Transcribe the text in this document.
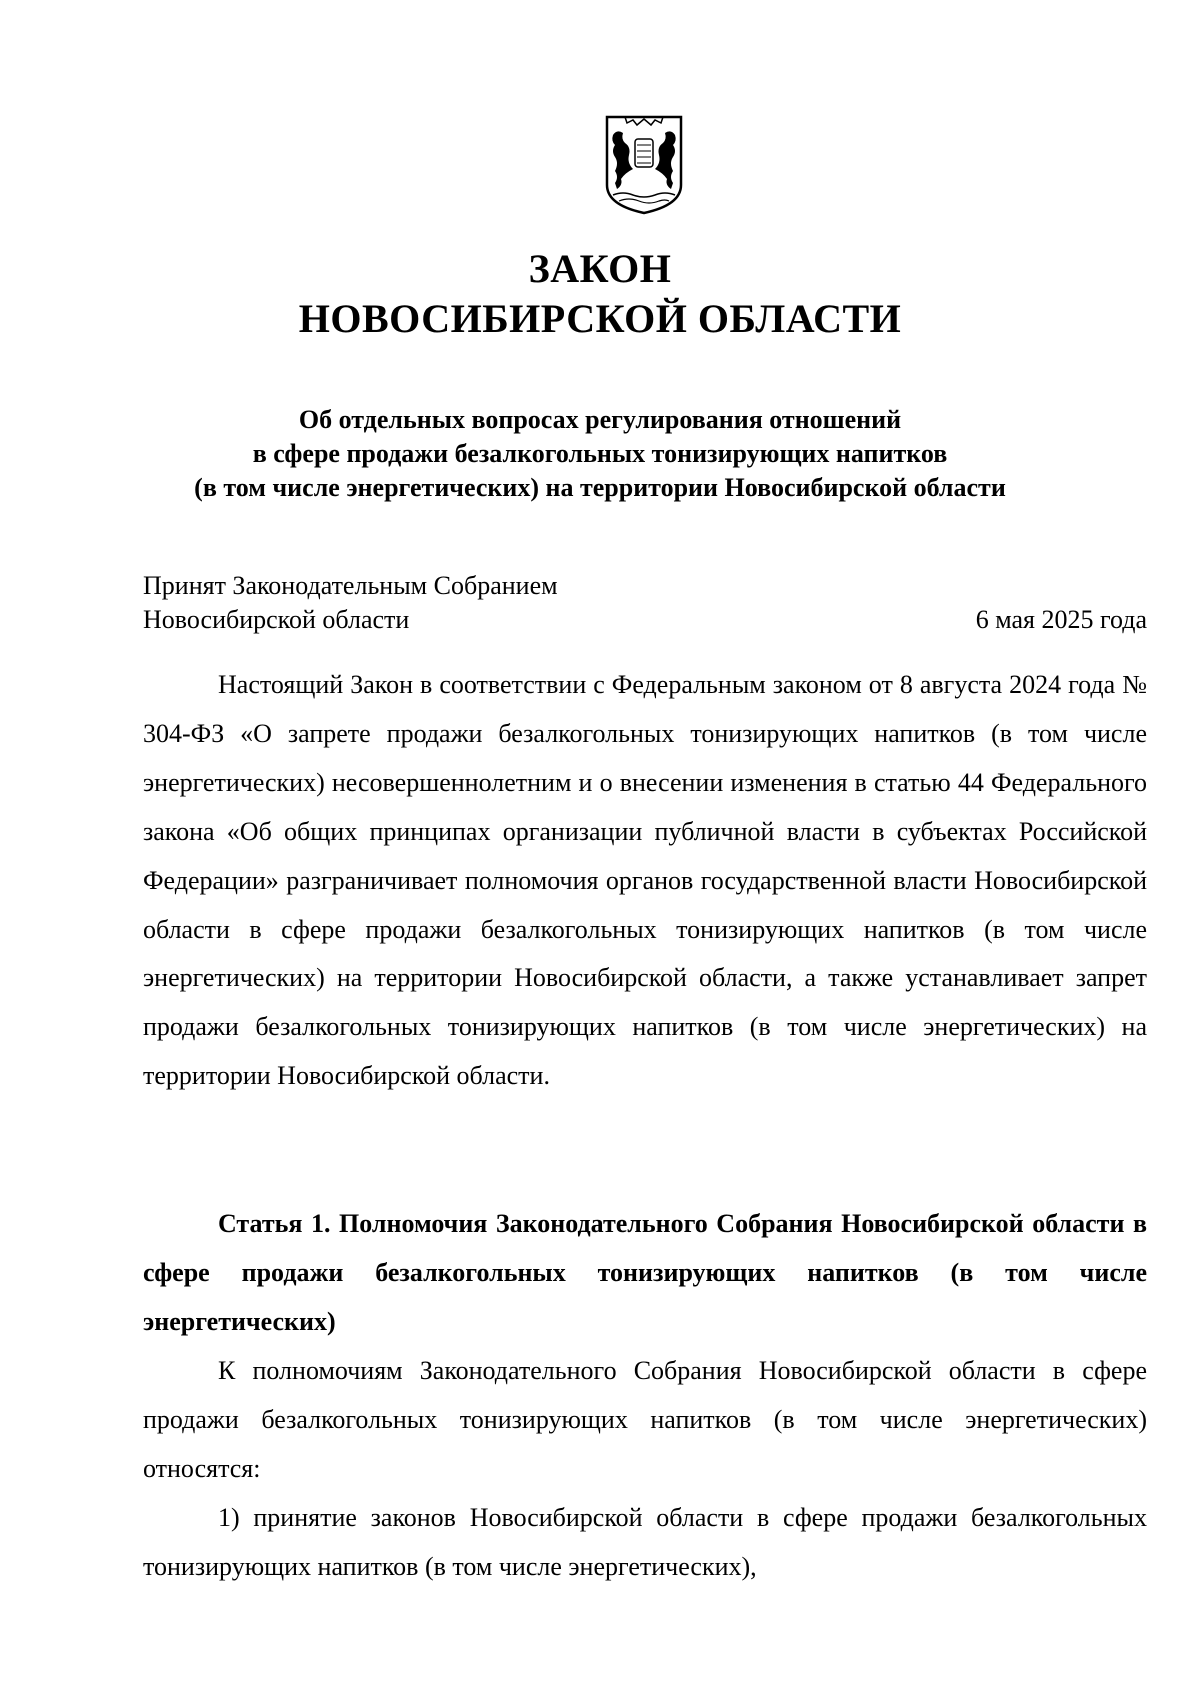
ЗАКОН
НОВОСИБИРСКОЙ ОБЛАСТИ
Об отдельных вопросах регулирования отношений
в сфере продажи безалкогольных тонизирующих напитков
(в том числе энергетических) на территории Новосибирской области
Принят Законодательным Собранием
Новосибирской области	6 мая 2025 года

Настоящий Закон в соответствии с Федеральным законом от 8 августа 2024 года № 304-ФЗ «О запрете продажи безалкогольных тонизирующих напитков (в том числе энергетических) несовершеннолетним и о внесении изменения в статью 44 Федерального закона «Об общих принципах организации публичной власти в субъектах Российской Федерации» разграничивает полномочия органов государственной власти Новосибирской области в сфере продажи безалкогольных тонизирующих напитков (в том числе энергетических) на территории Новосибирской области, а также устанавливает запрет продажи безалкогольных тонизирующих напитков (в том числе энергетических) на территории Новосибирской области.

Статья 1. Полномочия Законодательного Собрания Новосибирской области в сфере продажи безалкогольных тонизирующих напитков (в том числе энергетических)

К полномочиям Законодательного Собрания Новосибирской области в сфере продажи безалкогольных тонизирующих напитков (в том числе энергетических) относятся:

1) принятие законов Новосибирской области в сфере продажи безалкогольных тонизирующих напитков (в том числе энергетических),
